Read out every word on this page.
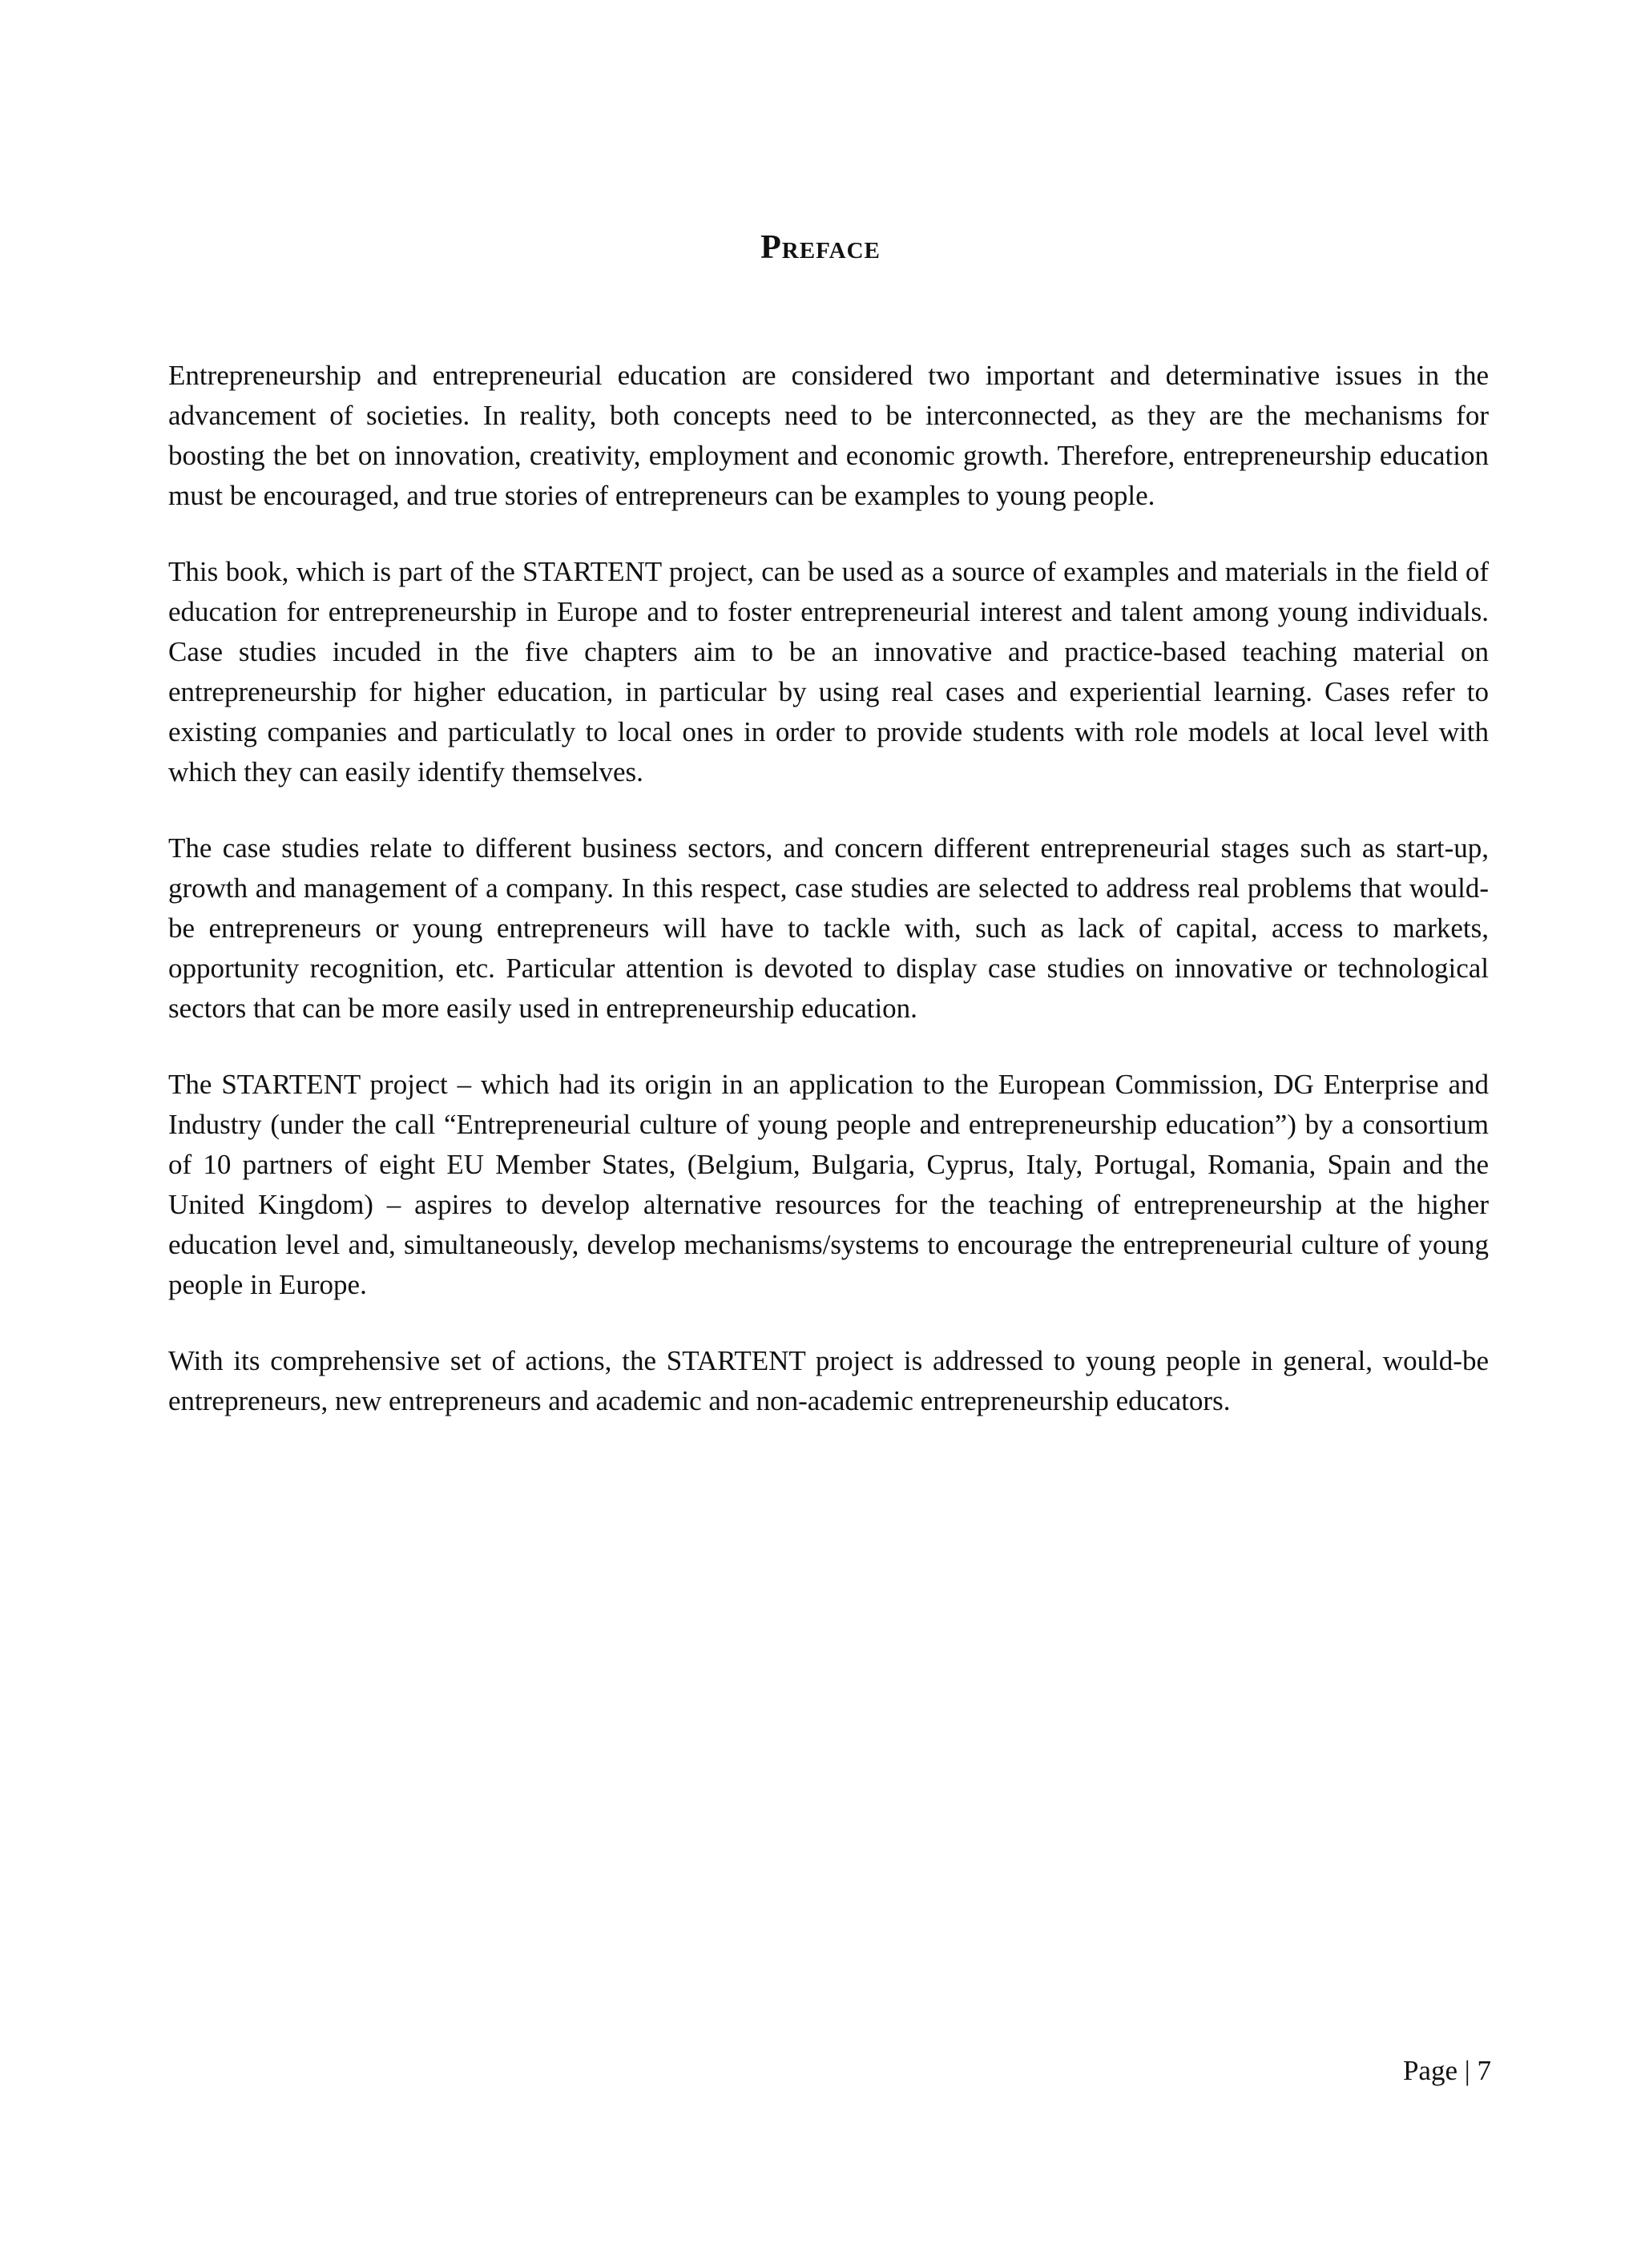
Preface

Entrepreneurship and entrepreneurial education are considered two important and determinative issues in the advancement of societies. In reality, both concepts need to be interconnected, as they are the mechanisms for boosting the bet on innovation, creativity, employment and economic growth. Therefore, entrepreneurship education must be encouraged, and true stories of entrepreneurs can be examples to young people.

This book, which is part of the STARTENT project, can be used as a source of examples and materials in the field of education for entrepreneurship in Europe and to foster entrepreneurial interest and talent among young individuals. Case studies incuded in the five chapters aim to be an innovative and practice-based teaching material on entrepreneurship for higher education, in particular by using real cases and experiential learning. Cases refer to existing companies and particulatly to local ones in order to provide students with role models at local level with which they can easily identify themselves.

The case studies relate to different business sectors, and concern different entrepreneurial stages such as start-up, growth and management of a company. In this respect, case studies are selected to address real problems that would-be entrepreneurs or young entrepreneurs will have to tackle with, such as lack of capital, access to markets, opportunity recognition, etc. Particular attention is devoted to display case studies on innovative or technological sectors that can be more easily used in entrepreneurship education.

The STARTENT project – which had its origin in an application to the European Commission, DG Enterprise and Industry (under the call “Entrepreneurial culture of young people and entrepreneurship education”) by a consortium of 10 partners of eight EU Member States, (Belgium, Bulgaria, Cyprus, Italy, Portugal, Romania, Spain and the United Kingdom) – aspires to develop alternative resources for the teaching of entrepreneurship at the higher education level and, simultaneously, develop mechanisms/systems to encourage the entrepreneurial culture of young people in Europe.

With its comprehensive set of actions, the STARTENT project is addressed to young people in general, would-be entrepreneurs, new entrepreneurs and academic and non-academic entrepreneurship educators.

Page | 7
